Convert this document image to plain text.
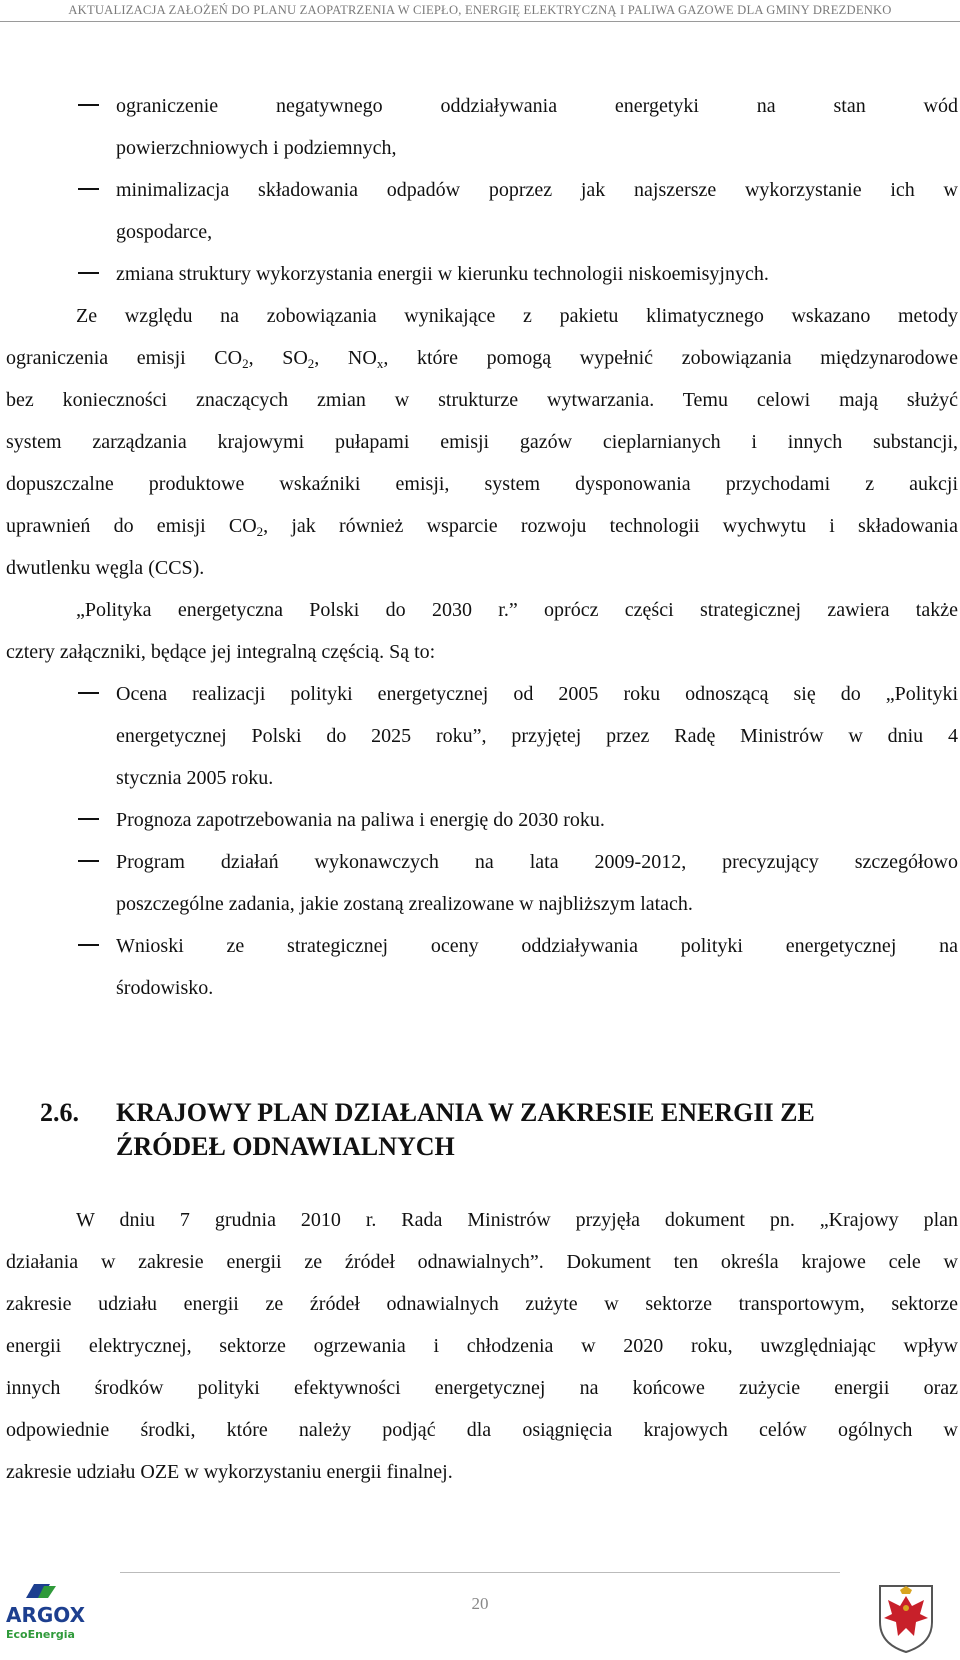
AKTUALIZACJA ZAŁOŻEŃ DO PLANU ZAOPATRZENIA W CIEPŁO, ENERGIĘ ELEKTRYCZNĄ I PALIWA GAZOWE DLA GMINY DREZDENKO
ograniczenie negatywnego oddziaływania energetyki na stan wód
powierzchniowych i podziemnych,
minimalizacja składowania odpadów poprzez jak najszersze wykorzystanie ich w
gospodarce,
zmiana struktury wykorzystania energii w kierunku technologii niskoemisyjnych.
Ze względu na zobowiązania wynikające z pakietu klimatycznego wskazano metody
ograniczenia emisji $CO_2$, $SO_2$, $NO_x$, które pomogą wypełnić zobowiązania międzynarodowe
bez konieczności znaczących zmian w strukturze wytwarzania. Temu celowi mają służyć
system zarządzania krajowymi pułapami emisji gazów cieplarnianych i innych substancji,
dopuszczalne produktowe wskaźniki emisji, system dysponowania przychodami z aukcji
uprawnień do emisji $CO_2$, jak również wsparcie rozwoju technologii wychwytu i składowania
dwutlenku węgla (CCS).
„Polityka energetyczna Polski do 2030 r.” oprócz części strategicznej zawiera także
cztery załączniki, będące jej integralną częścią. Są to:
Ocena realizacji polityki energetycznej od 2005 roku odnoszącą się do „Polityki
energetycznej Polski do 2025 roku”, przyjętej przez Radę Ministrów w dniu 4
stycznia 2005 roku.
Prognoza zapotrzebowania na paliwa i energię do 2030 roku.
Program działań wykonawczych na lata 2009-2012, precyzujący szczegółowo
poszczególne zadania, jakie zostaną zrealizowane w najbliższym latach.
Wnioski ze strategicznej oceny oddziaływania polityki energetycznej na
środowisko.
2.6. KRAJOWY PLAN DZIAŁANIA W ZAKRESIE ENERGII ZE
ŹRÓDEŁ ODNAWIALNYCH
W dniu 7 grudnia 2010 r. Rada Ministrów przyjęła dokument pn. „Krajowy plan
działania w zakresie energii ze źródeł odnawialnych”. Dokument ten określa krajowe cele w
zakresie udziału energii ze źródeł odnawialnych zużyte w sektorze transportowym, sektorze
energii elektrycznej, sektorze ogrzewania i chłodzenia w 2020 roku, uwzględniając wpływ
innych środków polityki efektywności energetycznej na końcowe zużycie energii oraz
odpowiednie środki, które należy podjąć dla osiągnięcia krajowych celów ogólnych w
zakresie udziału OZE w wykorzystaniu energii finalnej.
20
ARGOX
EcoEnergia
